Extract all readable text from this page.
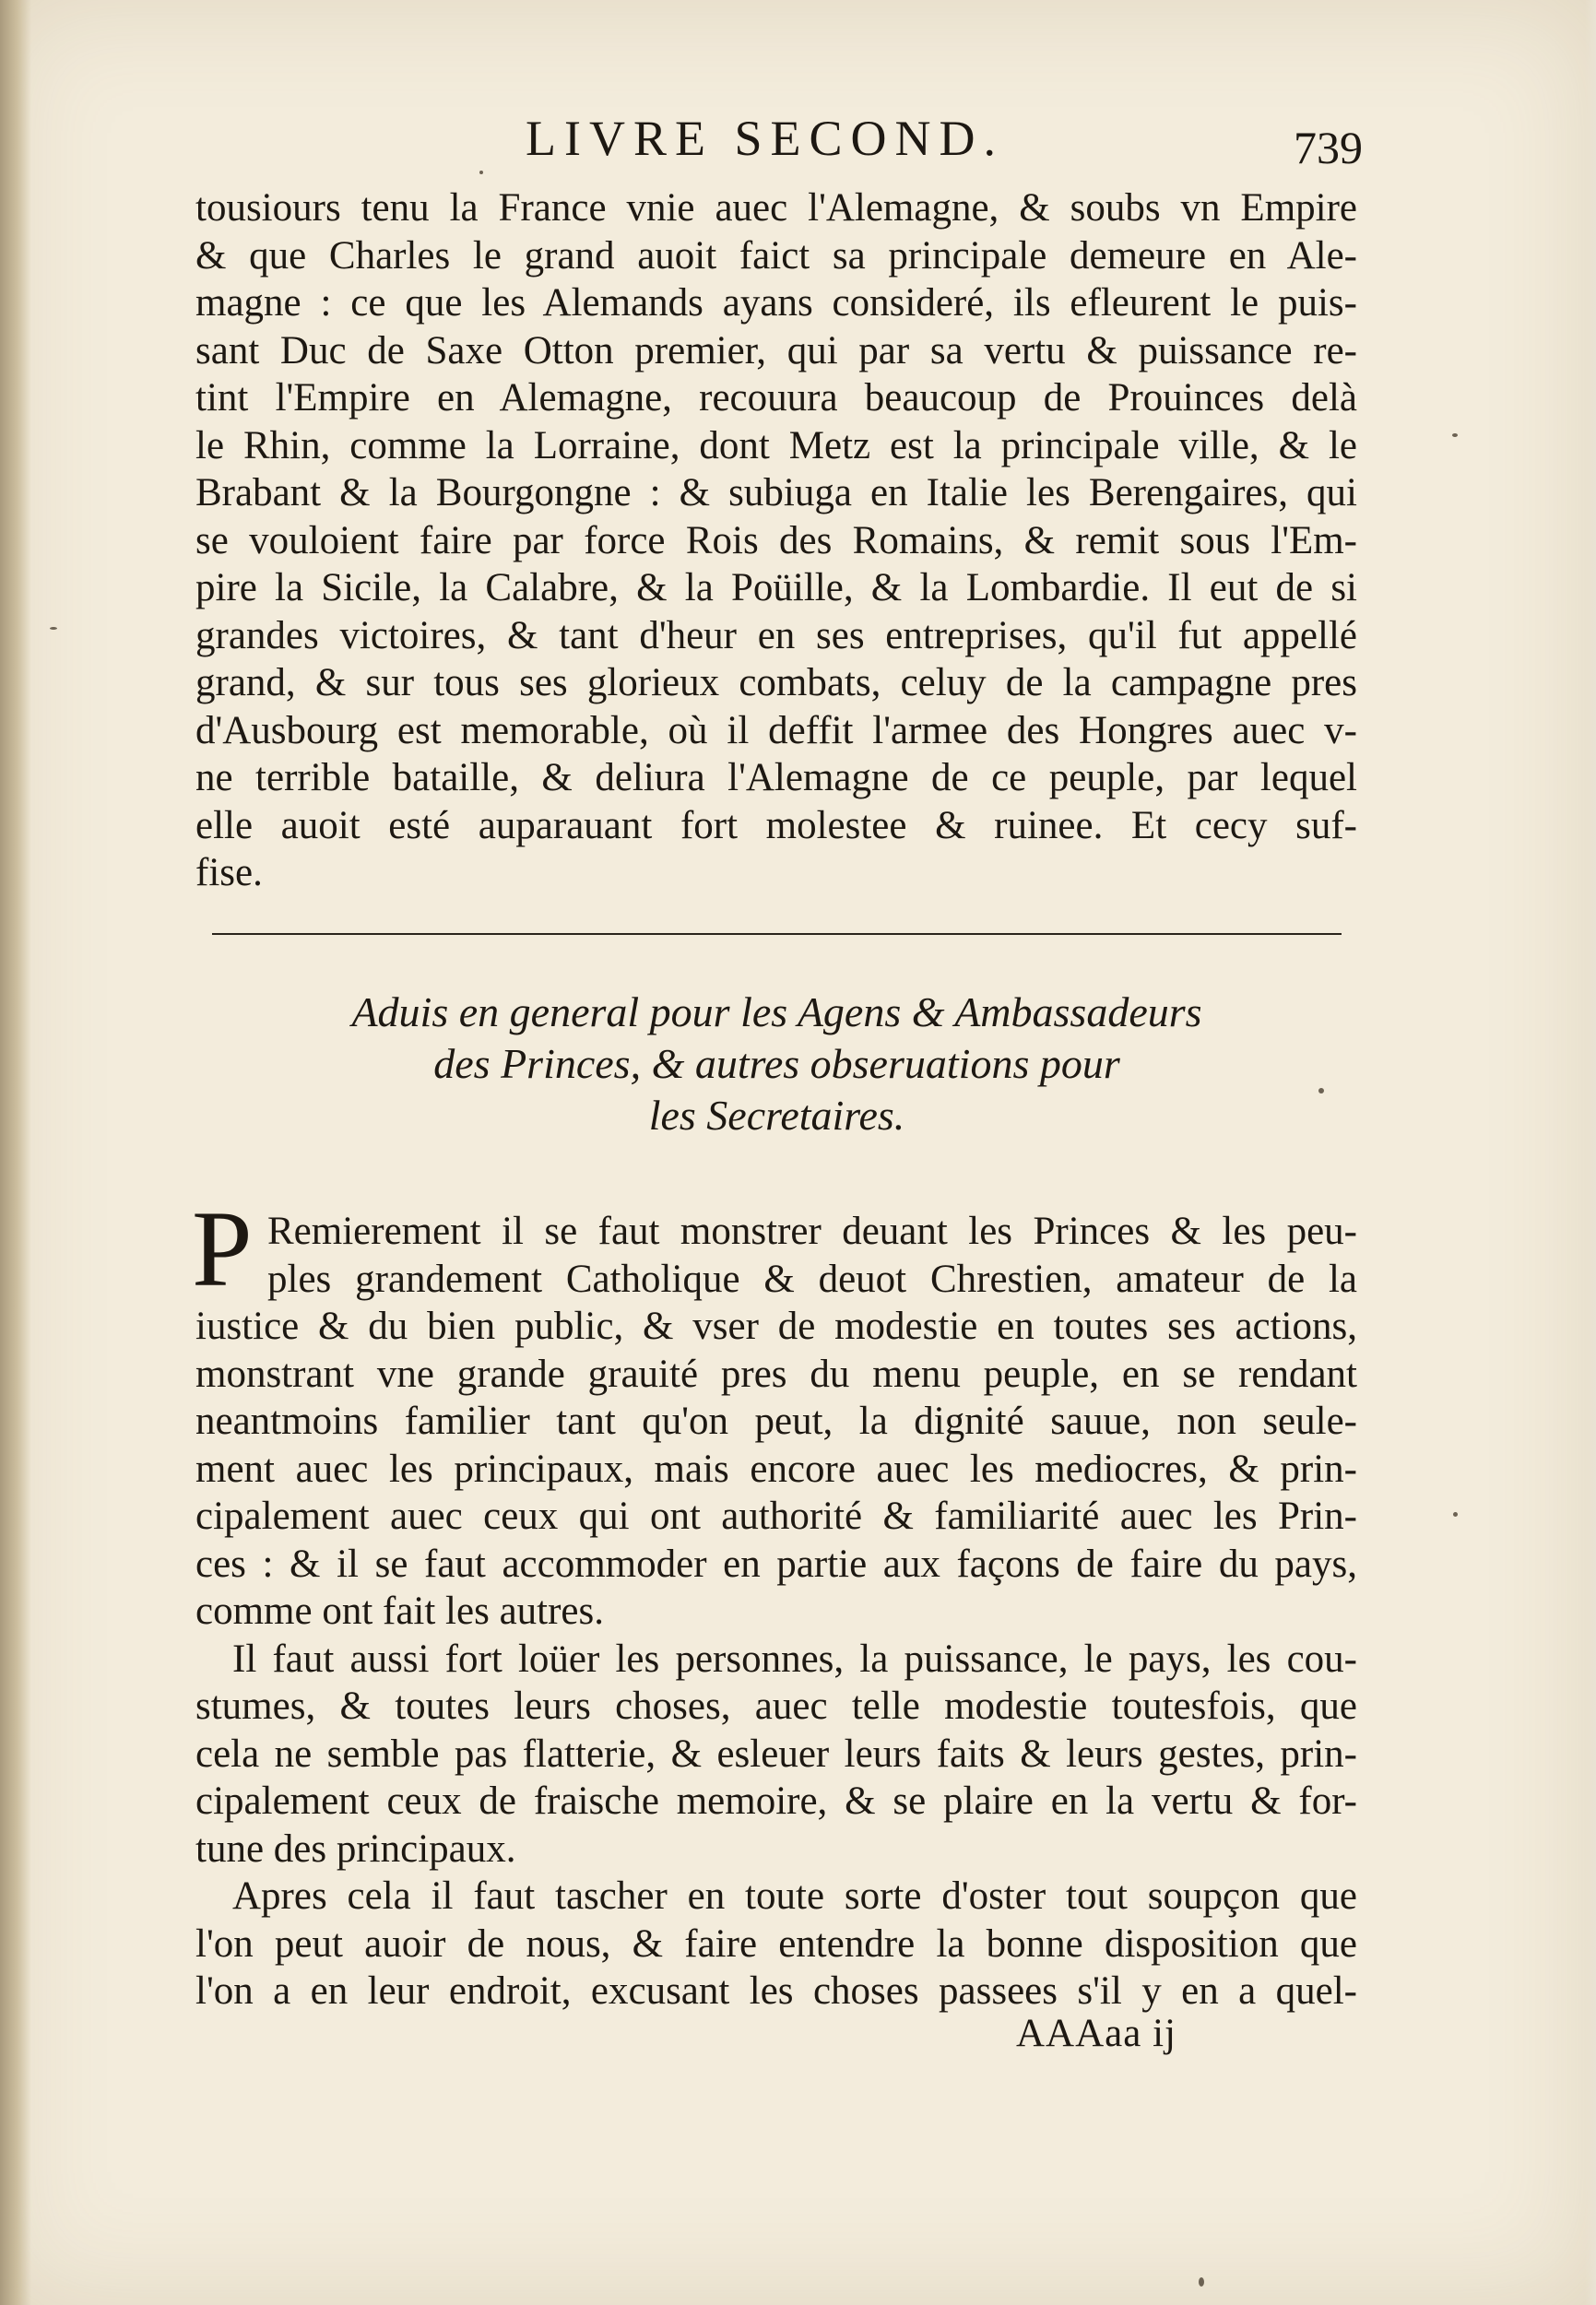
LIVRE SECOND.	739
tousiours tenu la France vnie auec l'Alemagne, & soubs vn Empire
& que Charles le grand auoit faict sa principale demeure en Ale-
magne : ce que les Alemands ayans consideré, ils efleurent le puis-
sant Duc de Saxe Otton premier, qui par sa vertu & puissance re-
tint l'Empire en Alemagne, recouura beaucoup de Prouinces delà
le Rhin, comme la Lorraine, dont Metz est la principale ville, & le
Brabant & la Bourgongne : & subiuga en Italie les Berengaires, qui
se vouloient faire par force Rois des Romains, & remit sous l'Em-
pire la Sicile, la Calabre, & la Poüille, & la Lombardie. Il eut de si
grandes victoires, & tant d'heur en ses entreprises, qu'il fut appellé
grand, & sur tous ses glorieux combats, celuy de la campagne pres
d'Ausbourg est memorable, où il deffit l'armee des Hongres auec v-
ne terrible bataille, & deliura l'Alemagne de ce peuple, par lequel
elle auoit esté auparauant fort molestee & ruinee. Et cecy suf-
fise.
Aduis en general pour les Agens & Ambassadeurs
des Princes, & autres obseruations pour
les Secretaires.
P Remierement il se faut monstrer deuant les Princes & les peu-
ples grandement Catholique & deuot Chrestien, amateur de la
iustice & du bien public, & vser de modestie en toutes ses actions,
monstrant vne grande grauité pres du menu peuple, en se rendant
neantmoins familier tant qu'on peut, la dignité sauue, non seule-
ment auec les principaux, mais encore auec les mediocres, & prin-
cipalement auec ceux qui ont authorité & familiarité auec les Prin-
ces : & il se faut accommoder en partie aux façons de faire du pays,
comme ont fait les autres.
Il faut aussi fort loüer les personnes, la puissance, le pays, les cou-
stumes, & toutes leurs choses, auec telle modestie toutesfois, que
cela ne semble pas flatterie, & esleuer leurs faits & leurs gestes, prin-
cipalement ceux de fraische memoire, & se plaire en la vertu & for-
tune des principaux.
Apres cela il faut tascher en toute sorte d'oster tout soupçon que
l'on peut auoir de nous, & faire entendre la bonne disposition que
l'on a en leur endroit, excusant les choses passees s'il y en a quel-
AAAaa ij
